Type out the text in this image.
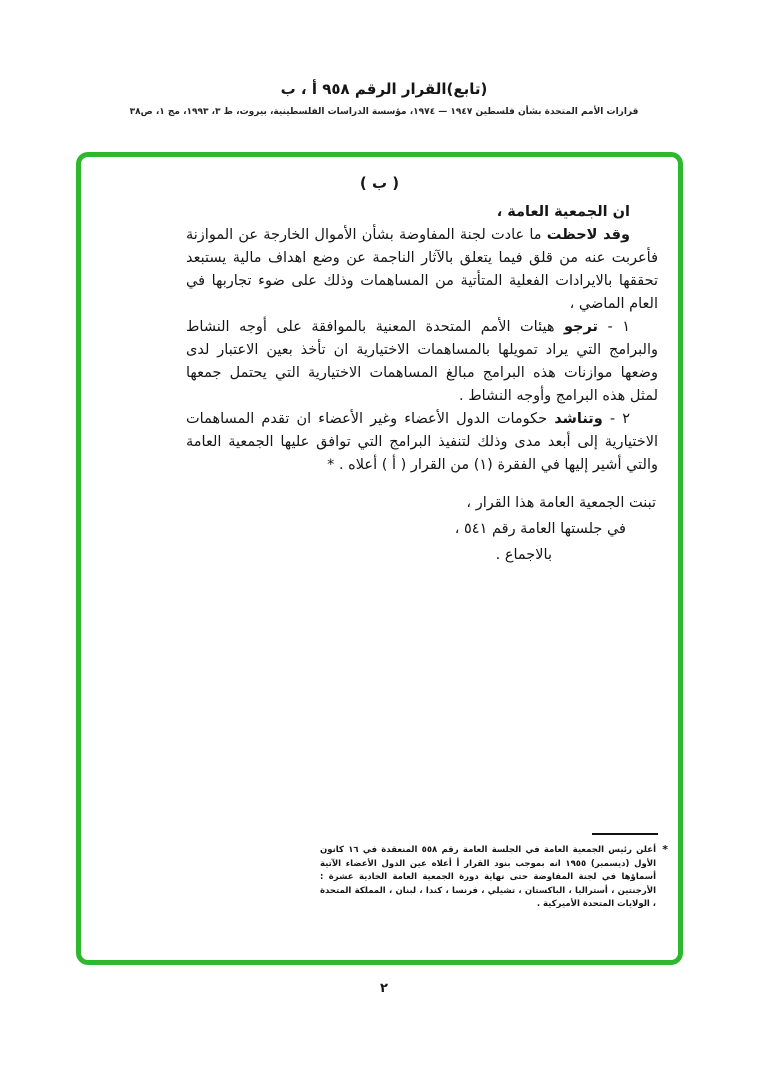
(تابع)القرار الرقم ٩٥٨ أ ، ب
قرارات الأمم المتحدة بشأن فلسطين ١٩٤٧ — ١٩٧٤، مؤسسة الدراسات الفلسطينية، بيروت، ط ٣، ١٩٩٣، مج ١، ص٣٨
( ب )

ان الجمعية العامة ،

وقد لاحظت ما عادت لجنة المفاوضة بشأن الأموال الخارجة عن الموازنة فأعربت عنه من قلق فيما يتعلق بالآثار الناجمة عن وضع اهداف مالية يستبعد تحققها بالايرادات الفعلية المتأتية من المساهمات وذلك على ضوء تجاربها في العام الماضي ،

١ - ترجو هيئات الأمم المتحدة المعنية بالموافقة على أوجه النشاط والبرامج التي يراد تمويلها بالمساهمات الاختيارية ان تأخذ بعين الاعتبار لدى وضعها موازنات هذه البرامج مبالغ المساهمات الاختيارية التي يحتمل جمعها لمثل هذه البرامج وأوجه النشاط .

٢ - وتناشد حكومات الدول الأعضاء وغير الأعضاء ان تقدم المساهمات الاختيارية إلى أبعد مدى وذلك لتنفيذ البرامج التي توافق عليها الجمعية العامة والتي أشير إليها في الفقرة (١) من القرار ( أ ) أعلاه . *

تبنت الجمعية العامة هذا القرار ،
في جلستها العامة رقم ٥٤١ ،
بالاجماع .
*
أعلن رئيس الجمعية العامة في الجلسة العامة رقم ٥٥٨ المنعقدة في ١٦ كانون الأول (ديسمبر) ١٩٥٥ انه بموجب بنود القرار أ أعلاه عين الدول الأعضاء الآتية أسماؤها في لجنة المفاوضة حتى نهاية دورة الجمعية العامة الحادية عشرة : الأرجنتين ، أستراليا ، الباكستان ، تشيلي ، فرنسا ، كندا ، لبنان ، المملكة المتحدة ، الولايات المتحدة الأميركية .
٢
